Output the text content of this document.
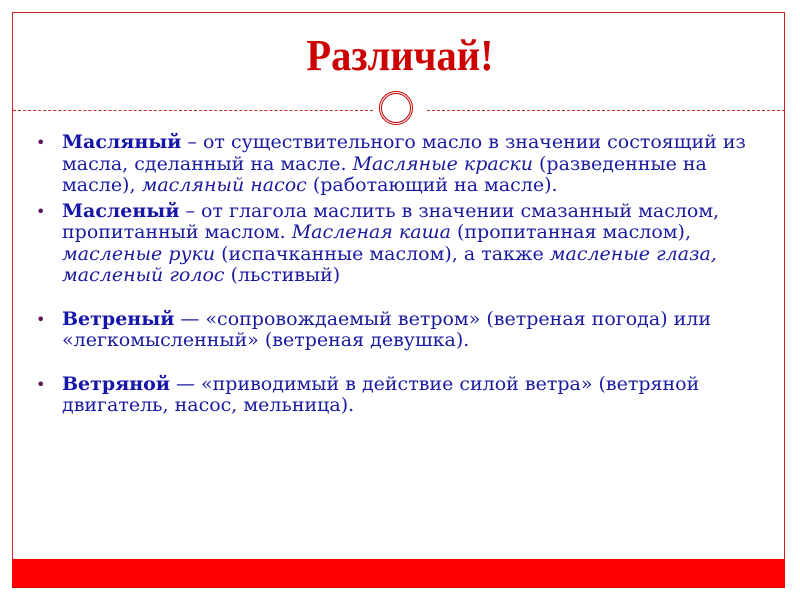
Различай!
• Масляный – от существительного масло в значении состоящий из масла, сделанный на масле. Масляные краски (разведенные на масле), масляный насос (работающий на масле).
• Масленый – от глагола маслить в значении смазанный маслом, пропитанный маслом. Масленая каша (пропитанная маслом), масленые руки (испачканные маслом), а также масленые глаза, масленый голос (льстивый)
• Ветреный — «сопровождаемый ветром» (ветреная погода) или «легкомысленный» (ветреная девушка).
• Ветряной — «приводимый в действие силой ветра» (ветряной двигатель, насос, мельница).
